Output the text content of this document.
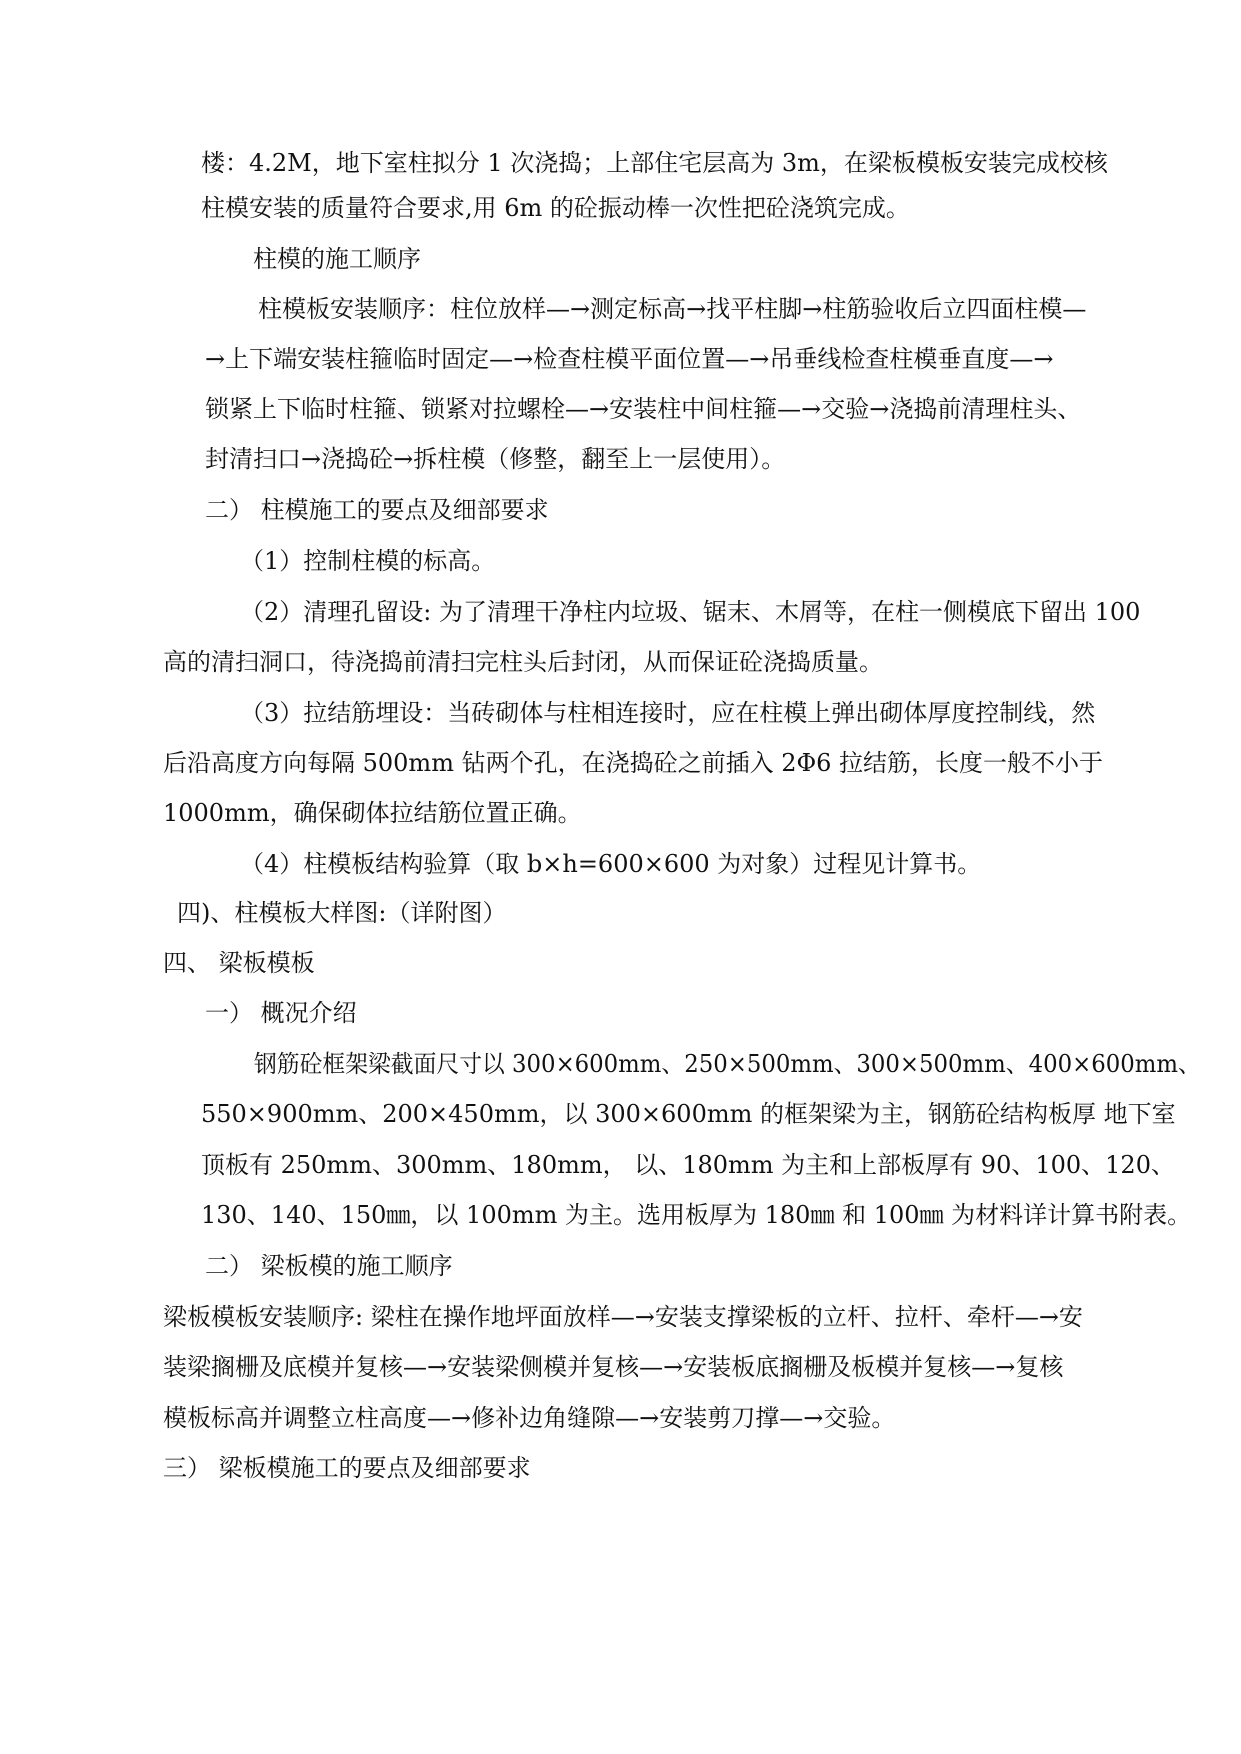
楼：4.2M，地下室柱拟分 1 次浇捣；上部住宅层高为 3m，在梁板模板安装完成校核
柱模安装的质量符合要求,用 6m 的砼振动棒一次性把砼浇筑完成。
柱模的施工顺序
柱模板安装顺序：柱位放样—→测定标高→找平柱脚→柱筋验收后立四面柱模—
→上下端安装柱箍临时固定—→检查柱模平面位置—→吊垂线检查柱模垂直度—→
锁紧上下临时柱箍、锁紧对拉螺栓—→安装柱中间柱箍—→交验→浇捣前清理柱头、
封清扫口→浇捣砼→拆柱模（修整，翻至上一层使用）。
二） 柱模施工的要点及细部要求
（1）控制柱模的标高。
（2）清理孔留设: 为了清理干净柱内垃圾、锯末、木屑等，在柱一侧模底下留出 100
高的清扫洞口，待浇捣前清扫完柱头后封闭，从而保证砼浇捣质量。
（3）拉结筋埋设：当砖砌体与柱相连接时，应在柱模上弹出砌体厚度控制线，然
后沿高度方向每隔 500mm 钻两个孔，在浇捣砼之前插入 2Φ6 拉结筋，长度一般不小于
1000mm，确保砌体拉结筋位置正确。
（4）柱模板结构验算（取 b×h=600×600 为对象）过程见计算书。
四)、柱模板大样图:（详附图）
四、 梁板模板
一） 概况介绍
钢筋砼框架梁截面尺寸以 300×600mm、250×500mm、300×500mm、400×600mm、
550×900mm、200×450mm，以 300×600mm 的框架梁为主，钢筋砼结构板厚 地下室
顶板有 250mm、300mm、180mm， 以、180mm 为主和上部板厚有 90、100、120、
130、140、150㎜，以 100mm 为主。选用板厚为 180㎜ 和 100㎜ 为材料详计算书附表。
二） 梁板模的施工顺序
梁板模板安装顺序: 梁柱在操作地坪面放样—→安装支撑梁板的立杆、拉杆、牵杆—→安
装梁搁栅及底模并复核—→安装梁侧模并复核—→安装板底搁栅及板模并复核—→复核
模板标高并调整立柱高度—→修补边角缝隙—→安装剪刀撑—→交验。
三） 梁板模施工的要点及细部要求
